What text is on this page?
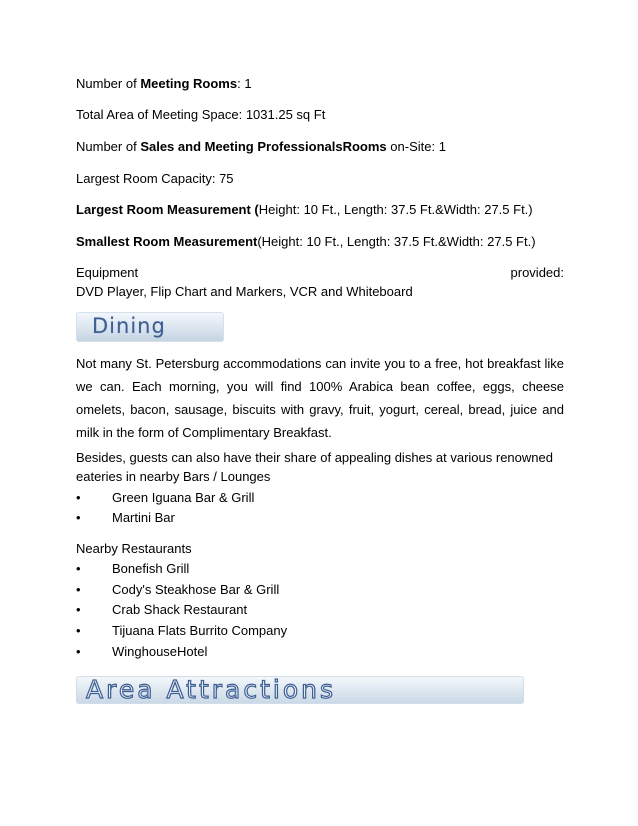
Number of Meeting Rooms: 1
Total Area of Meeting Space: 1031.25 sq Ft
Number of Sales and Meeting ProfessionalsRooms on-Site: 1
Largest Room Capacity: 75
Largest Room Measurement (Height: 10 Ft., Length: 37.5 Ft.&Width: 27.5 Ft.)
Smallest Room Measurement(Height: 10 Ft., Length: 37.5 Ft.&Width: 27.5 Ft.)
Equipment	provided:
DVD Player, Flip Chart and Markers, VCR and Whiteboard
Dining
Not many St. Petersburg accommodations can invite you to a free, hot breakfast like we can. Each morning, you will find 100% Arabica bean coffee, eggs, cheese omelets, bacon, sausage, biscuits with gravy, fruit, yogurt, cereal, bread, juice and milk in the form of Complimentary Breakfast.
Besides, guests can also have their share of appealing dishes at various renowned
eateries in nearby Bars / Lounges
• Green Iguana Bar & Grill
• Martini Bar
Nearby Restaurants
• Bonefish Grill
• Cody's Steakhose Bar & Grill
• Crab Shack Restaurant
• Tijuana Flats Burrito Company
• WinghouseHotel
Area Attractions
